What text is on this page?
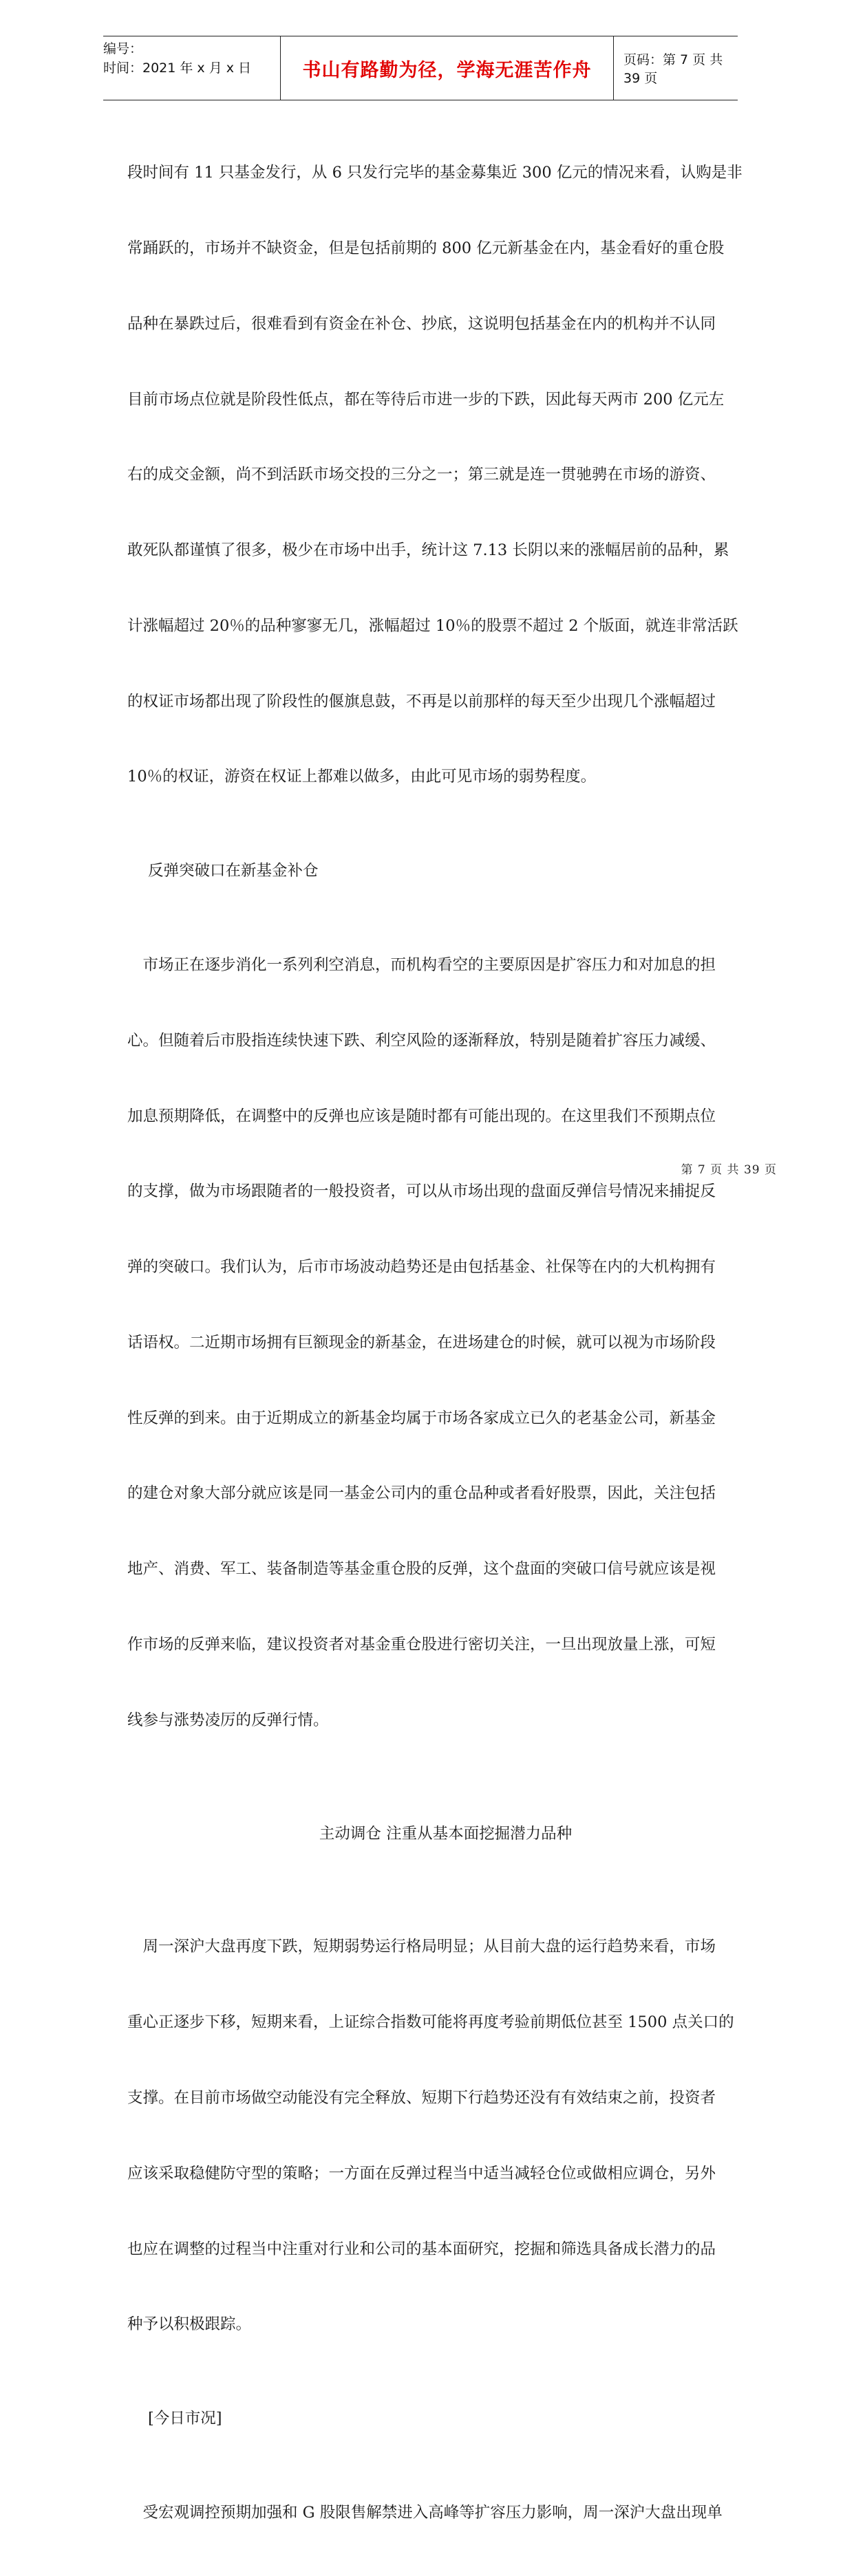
编号：
时间：2021 年 x 月 x 日	书山有路勤为径，学海无涯苦作舟	页码：第 7 页 共 39 页

段时间有 11 只基金发行，从 6 只发行完毕的基金募集近 300 亿元的情况来看，认购是非

常踊跃的，市场并不缺资金，但是包括前期的 800 亿元新基金在内，基金看好的重仓股

品种在暴跌过后，很难看到有资金在补仓、抄底，这说明包括基金在内的机构并不认同

目前市场点位就是阶段性低点，都在等待后市进一步的下跌，因此每天两市 200 亿元左

右的成交金额，尚不到活跃市场交投的三分之一；第三就是连一贯驰骋在市场的游资、

敢死队都谨慎了很多，极少在市场中出手，统计这 7.13 长阴以来的涨幅居前的品种，累

计涨幅超过 20％的品种寥寥无几，涨幅超过 10％的股票不超过 2 个版面，就连非常活跃

的权证市场都出现了阶段性的偃旗息鼓，不再是以前那样的每天至少出现几个涨幅超过

10％的权证，游资在权证上都难以做多，由此可见市场的弱势程度。

反弹突破口在新基金补仓

　市场正在逐步消化一系列利空消息，而机构看空的主要原因是扩容压力和对加息的担

心。但随着后市股指连续快速下跌、利空风险的逐渐释放，特别是随着扩容压力减缓、

加息预期降低，在调整中的反弹也应该是随时都有可能出现的。在这里我们不预期点位

的支撑，做为市场跟随者的一般投资者，可以从市场出现的盘面反弹信号情况来捕捉反

弹的突破口。我们认为，后市市场波动趋势还是由包括基金、社保等在内的大机构拥有

话语权。二近期市场拥有巨额现金的新基金，在进场建仓的时候，就可以视为市场阶段

性反弹的到来。由于近期成立的新基金均属于市场各家成立已久的老基金公司，新基金

的建仓对象大部分就应该是同一基金公司内的重仓品种或者看好股票，因此，关注包括

地产、消费、军工、装备制造等基金重仓股的反弹，这个盘面的突破口信号就应该是视

作市场的反弹来临，建议投资者对基金重仓股进行密切关注，一旦出现放量上涨，可短

线参与涨势凌厉的反弹行情。

主动调仓 注重从基本面挖掘潜力品种

　周一深沪大盘再度下跌，短期弱势运行格局明显；从目前大盘的运行趋势来看，市场

重心正逐步下移，短期来看，上证综合指数可能将再度考验前期低位甚至 1500 点关口的

支撑。在目前市场做空动能没有完全释放、短期下行趋势还没有有效结束之前，投资者

应该采取稳健防守型的策略；一方面在反弹过程当中适当减轻仓位或做相应调仓，另外

也应在调整的过程当中注重对行业和公司的基本面研究，挖掘和筛选具备成长潜力的品

种予以积极跟踪。

[今日市况]

　受宏观调控预期加强和 G 股限售解禁进入高峰等扩容压力影响，周一深沪大盘出现单

第 7 页 共 39 页
